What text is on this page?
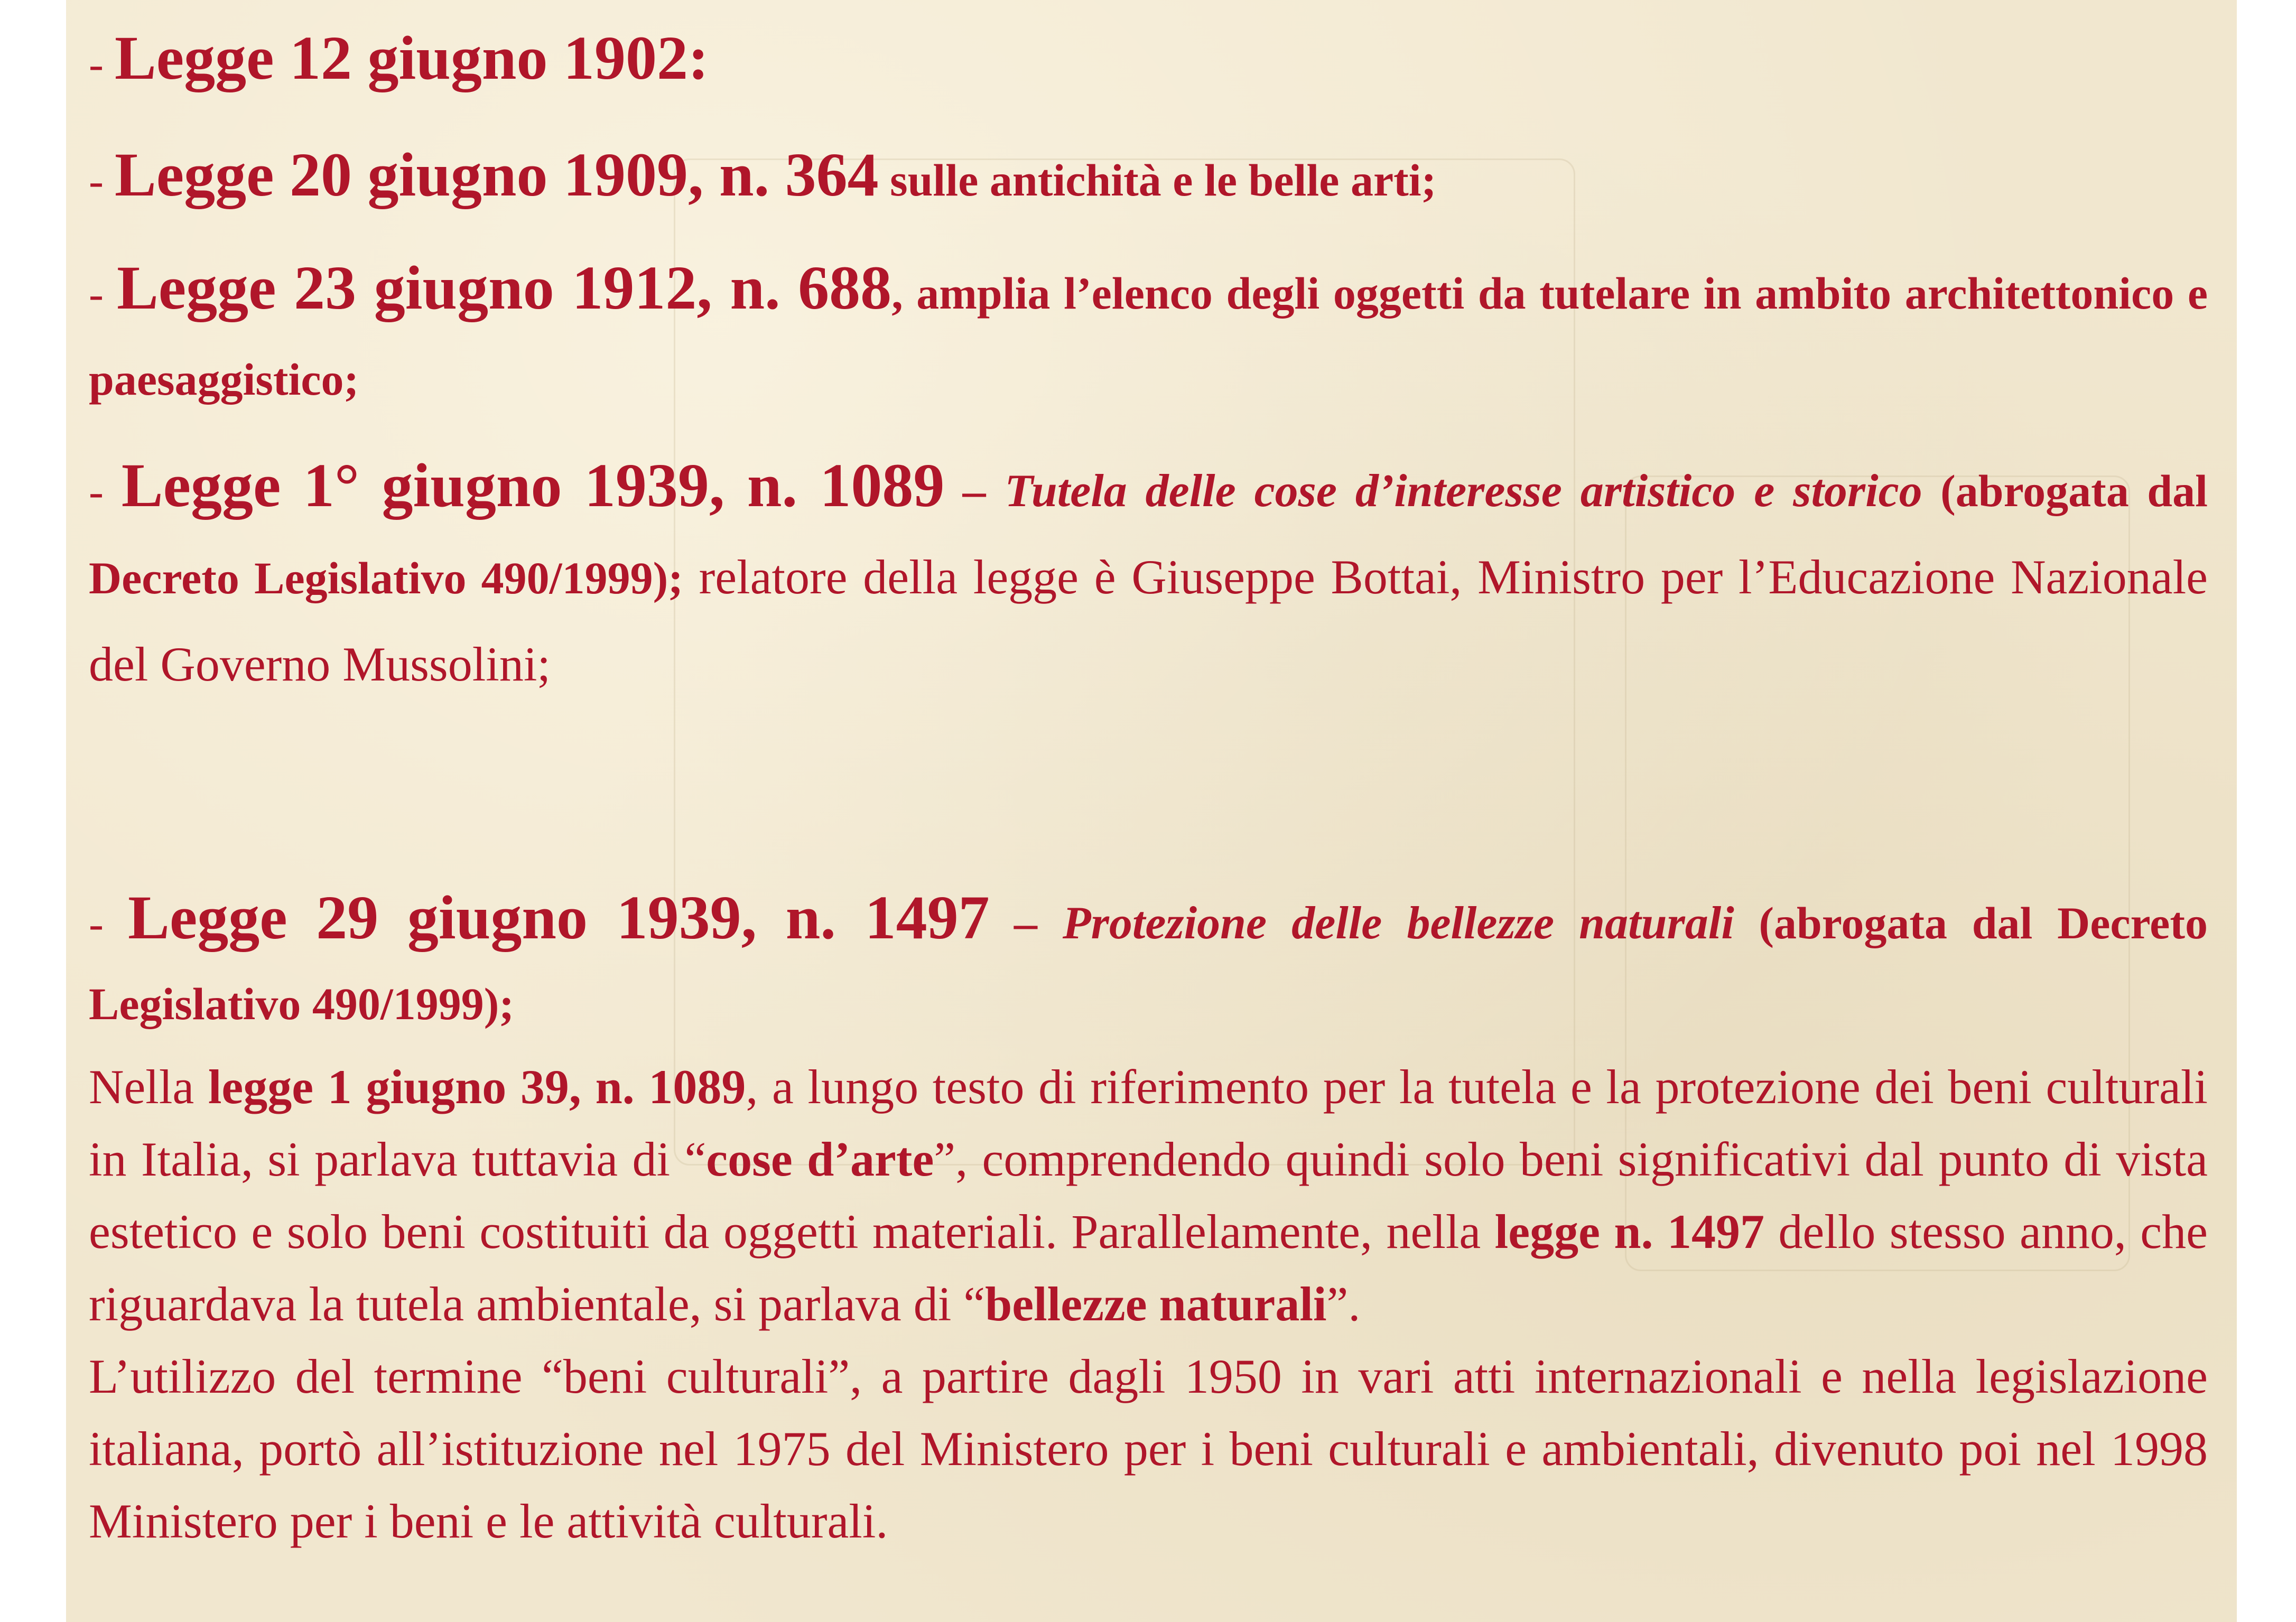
- Legge 12 giugno 1902:

- Legge 20 giugno 1909, n. 364 sulle antichità e le belle arti;

- Legge 23 giugno 1912, n. 688, amplia l’elenco degli oggetti da tutelare in ambito architettonico e paesaggistico;

- Legge 1° giugno 1939, n. 1089 – Tutela delle cose d’interesse artistico e storico (abrogata dal Decreto Legislativo 490/1999); relatore della legge è Giuseppe Bottai, Ministro per l’Educazione Nazionale del Governo Mussolini;

- Legge 29 giugno 1939, n. 1497 – Protezione delle bellezze naturali (abrogata dal Decreto Legislativo 490/1999);

Nella legge 1 giugno 39, n. 1089, a lungo testo di riferimento per la tutela e la protezione dei beni culturali in Italia, si parlava tuttavia di “cose d’arte”, comprendendo quindi solo beni significativi dal punto di vista estetico e solo beni costituiti da oggetti materiali. Parallelamente, nella legge n. 1497 dello stesso anno, che riguardava la tutela ambientale, si parlava di “bellezze naturali”.

L’utilizzo del termine “beni culturali”, a partire dagli 1950 in vari atti internazionali e nella legislazione italiana, portò all’istituzione nel 1975 del Ministero per i beni culturali e ambientali, divenuto poi nel 1998 Ministero per i beni e le attività culturali.
